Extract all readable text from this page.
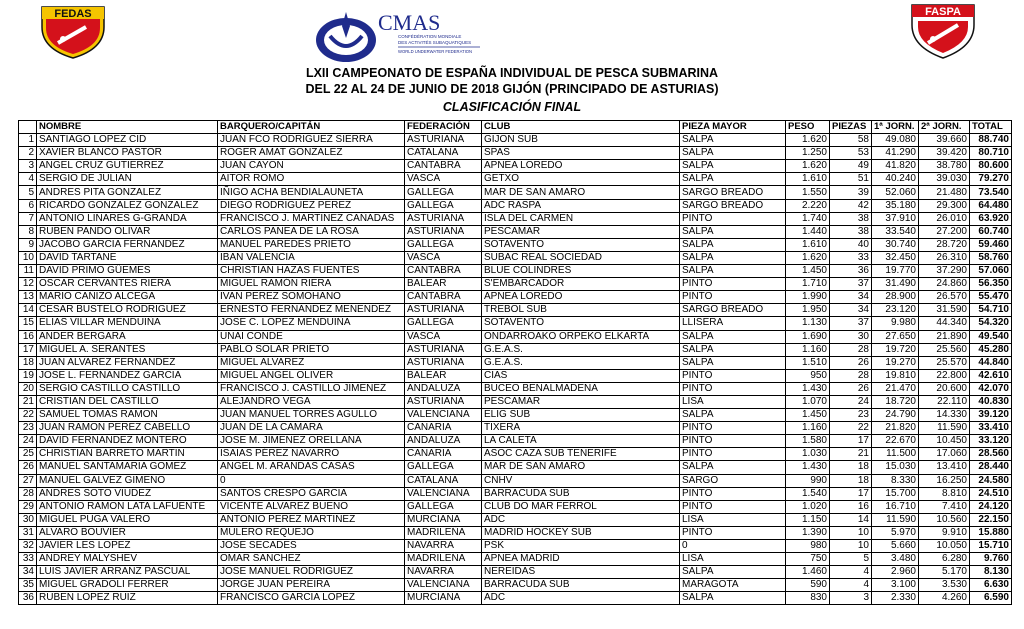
FEDAS	CMAS
CONFÉDÉRATION MONDIALE
DES ACTIVITÉS SUBAQUATIQUES
WORLD UNDERWATER FEDERATION
FASPA
LXII CAMPEONATO DE ESPAÑA INDIVIDUAL DE PESCA SUBMARINA
DEL 22 AL 24 DE JUNIO DE 2018 GIJÓN (PRINCIPADO DE ASTURIAS)
CLASIFICACIÓN FINAL
	NOMBRE	BARQUERO/CAPITÁN	FEDERACIÓN	CLUB	PIEZA MAYOR	PESO	PIEZAS	1ª JORN.	2ª JORN.	TOTAL
1	SANTIAGO LOPEZ CID	JUAN FCO RODRIGUEZ SIERRA	ASTURIANA	GIJON SUB	SALPA	1.620	58	49.080	39.660	88.740
2	XAVIER BLANCO PASTOR	ROGER AMAT GONZALEZ	CATALANA	SPAS	SALPA	1.250	53	41.290	39.420	80.710
3	ANGEL CRUZ GUTIERREZ	JUAN CAYON	CANTABRA	APNEA LOREDO	SALPA	1.620	49	41.820	38.780	80.600
4	SERGIO DE JULIAN	AITOR ROMO	VASCA	GETXO	SALPA	1.610	51	40.240	39.030	79.270
5	ANDRES PITA GONZALEZ	IÑIGO ACHA BENDIALAUNETA	GALLEGA	MAR DE SAN AMARO	SARGO BREADO	1.550	39	52.060	21.480	73.540
6	RICARDO GONZALEZ GONZALEZ	DIEGO RODRIGUEZ PEREZ	GALLEGA	ADC RASPA	SARGO BREADO	2.220	42	35.180	29.300	64.480
7	ANTONIO LINARES G-GRANDA	FRANCISCO J. MARTINEZ CAÑADAS	ASTURIANA	ISLA DEL CARMEN	PINTO	1.740	38	37.910	26.010	63.920
8	RUBEN PANDO OLIVAR	CARLOS PANEA DE LA ROSA	ASTURIANA	PESCAMAR	SALPA	1.440	38	33.540	27.200	60.740
9	JACOBO GARCIA FERNANDEZ	MANUEL PAREDES PRIETO	GALLEGA	SOTAVENTO	SALPA	1.610	40	30.740	28.720	59.460
10	DAVID TARTANE	IBAN VALENCIA	VASCA	SUBAC REAL SOCIEDAD	SALPA	1.620	33	32.450	26.310	58.760
11	DAVID PRIMO GÜEMES	CHRISTIAN HAZAS FUENTES	CANTABRA	BLUE COLINDRES	SALPA	1.450	36	19.770	37.290	57.060
12	OSCAR CERVANTES RIERA	MIGUEL RAMÓN RIERA	BALEAR	S'EMBARCADOR	PINTO	1.710	37	31.490	24.860	56.350
13	MARIO CAÑIZO ALCEGA	IVAN PEREZ SOMOHANO	CANTABRA	APNEA LOREDO	PINTO	1.990	34	28.900	26.570	55.470
14	CESAR BUSTELO RODRIGUEZ	ERNESTO FERNANDEZ MENENDEZ	ASTURIANA	TREBOL SUB	SARGO BREADO	1.950	34	23.120	31.590	54.710
15	ELIAS VILLAR MENDUIÑA	JOSE C. LOPEZ MENDUIÑA	GALLEGA	SOTAVENTO	LLISERA	1.130	37	9.980	44.340	54.320
16	ANDER BERGARA	UNAI CONDE	VASCA	ONDARROAKO ORPEKO ELKARTA	SALPA	1.690	30	27.650	21.890	49.540
17	MIGUEL A. SERANTES	PABLO SOLAR PRIETO	ASTURIANA	G.E.A.S.	SALPA	1.160	28	19.720	25.560	45.280
18	JUAN ALVAREZ FERNANDEZ	MIGUEL ALVAREZ	ASTURIANA	G.E.A.S.	SALPA	1.510	26	19.270	25.570	44.840
19	JOSE L. FERNANDEZ GARCIA	MIGUEL ANGEL OLIVER	BALEAR	CIAS	PINTO	950	28	19.810	22.800	42.610
20	SERGIO CASTILLO CASTILLO	FRANCISCO J. CASTILLO JIMENEZ	ANDALUZA	BUCEO BENALMADENA	PINTO	1.430	26	21.470	20.600	42.070
21	CRISTIAN DEL CASTILLO	ALEJANDRO VEGA	ASTURIANA	PESCAMAR	LISA	1.070	24	18.720	22.110	40.830
22	SAMUEL TOMAS RAMON	JUAN MANUEL TORRES AGULLO	VALENCIANA	ELIG SUB	SALPA	1.450	23	24.790	14.330	39.120
23	JUAN RAMON PEREZ CABELLO	JUAN DE LA CAMARA	CANARIA	TIXERA	PINTO	1.160	22	21.820	11.590	33.410
24	DAVID FERNANDEZ MONTERO	JOSE M. JIMENEZ ORELLANA	ANDALUZA	LA CALETA	PINTO	1.580	17	22.670	10.450	33.120
25	CHRISTIAN BARRETO MARTIN	ISAIAS PÉREZ NAVARRO	CANARIA	ASOC CAZA SUB TENERIFE	PINTO	1.030	21	11.500	17.060	28.560
26	MANUEL SANTAMARIA GOMEZ	ANGEL M. ARANDAS CASAS	GALLEGA	MAR DE SAN AMARO	SALPA	1.430	18	15.030	13.410	28.440
27	MANUEL GALVEZ GIMENO	0	CATALANA	CNHV	SARGO	990	18	8.330	16.250	24.580
28	ANDRES SOTO VIUDEZ	SANTOS CRESPO GARCIA	VALENCIANA	BARRACUDA SUB	PINTO	1.540	17	15.700	8.810	24.510
29	ANTONIO RAMON LATA LAFUENTE	VICENTE ALVAREZ BUENO	GALLEGA	CLUB DO MAR FERROL	PINTO	1.020	16	16.710	7.410	24.120
30	MIGUEL PUGA VALERO	ANTONIO PEREZ MARTINEZ	MURCIANA	ADC	LISA	1.150	14	11.590	10.560	22.150
31	ALVARO BOUVIER	MULERO REQUEJO	MADRILEÑA	MADRID HOCKEY SUB	PINTO	1.390	10	5.970	9.910	15.880
32	JAVIER LES LOPEZ	JOSE SECADES	NAVARRA	PSK	0	980	10	5.660	10.050	15.710
33	ANDREY MALYSHEV	OMAR SANCHEZ	MADRILEÑA	APNEA MADRID	LISA	750	5	3.480	6.280	9.760
34	LUIS JAVIER ARRANZ PASCUAL	JOSE MANUEL RODRIGUEZ	NAVARRA	NEREIDAS	SALPA	1.460	4	2.960	5.170	8.130
35	MIGUEL GRADOLI FERRER	JORGE JUAN PEREIRA	VALENCIANA	BARRACUDA SUB	MARAGOTA	590	4	3.100	3.530	6.630
36	RUBEN LOPEZ RUIZ	FRANCISCO GARCIA LOPEZ	MURCIANA	ADC	SALPA	830	3	2.330	4.260	6.590
